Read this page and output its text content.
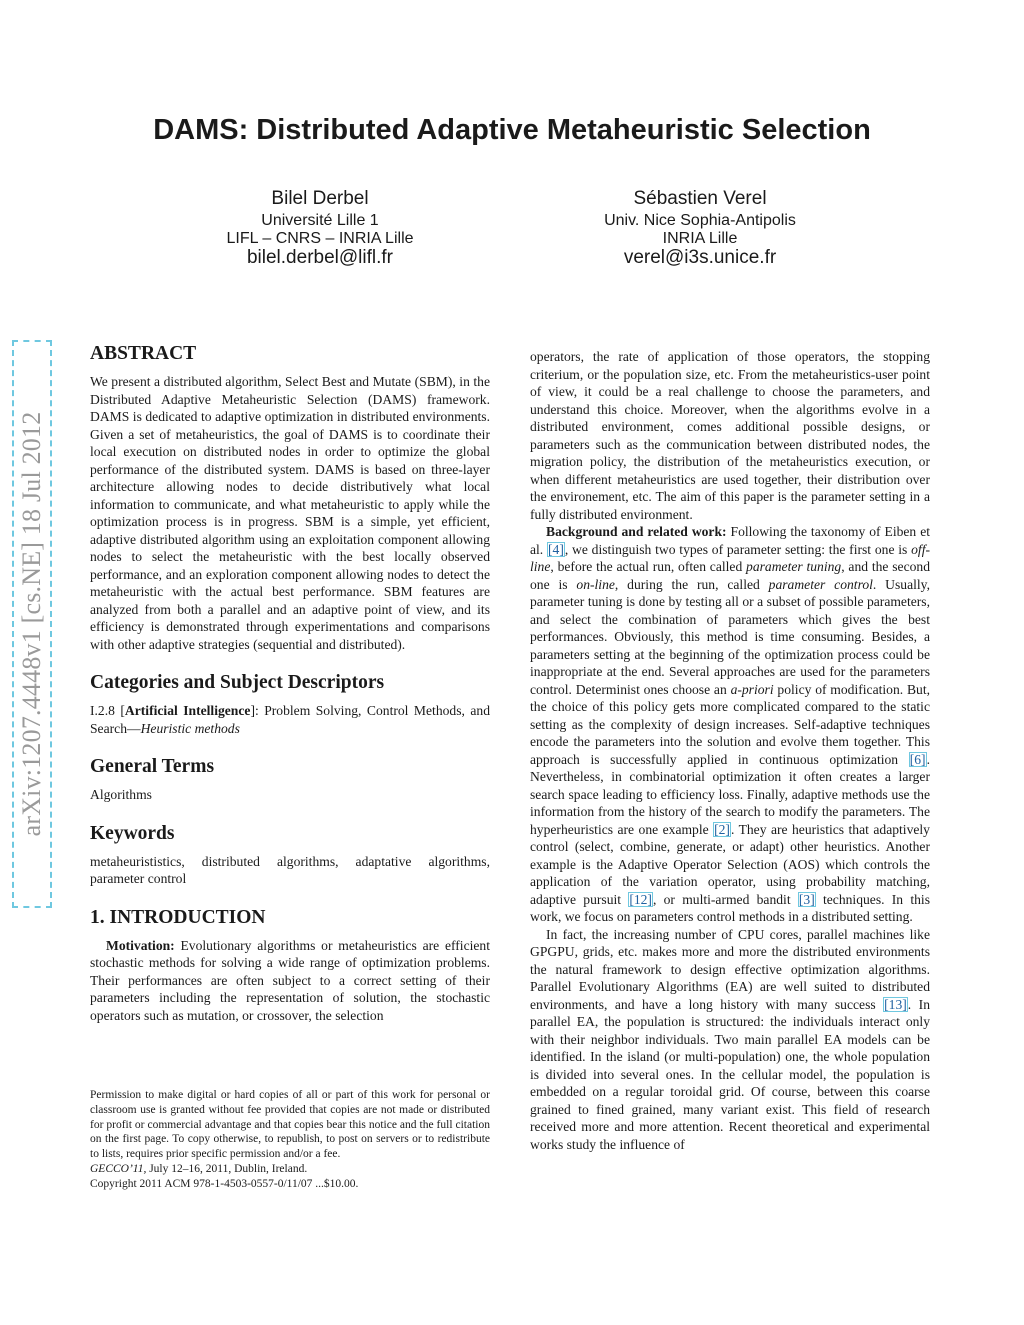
arXiv:1207.4448v1 [cs.NE] 18 Jul 2012
DAMS: Distributed Adaptive Metaheuristic Selection
Bilel Derbel
Université Lille 1
LIFL – CNRS – INRIA Lille
bilel.derbel@lifl.fr
Sébastien Verel
Univ. Nice Sophia-Antipolis
INRIA Lille
verel@i3s.unice.fr
ABSTRACT

We present a distributed algorithm, Select Best and Mutate (SBM), in the Distributed Adaptive Metaheuristic Selection (DAMS) framework. DAMS is dedicated to adaptive optimization in distributed environments. Given a set of metaheuristics, the goal of DAMS is to coordinate their local execution on distributed nodes in order to optimize the global performance of the distributed system. DAMS is based on three-layer architecture allowing nodes to decide distributively what local information to communicate, and what metaheuristic to apply while the optimization process is in progress. SBM is a simple, yet efficient, adaptive distributed algorithm using an exploitation component allowing nodes to select the metaheuristic with the best locally observed performance, and an exploration component allowing nodes to detect the metaheuristic with the actual best performance. SBM features are analyzed from both a parallel and an adaptive point of view, and its efficiency is demonstrated through experimentations and comparisons with other adaptive strategies (sequential and distributed).

Categories and Subject Descriptors

I.2.8 [Artificial Intelligence]: Problem Solving, Control Methods, and Search—Heuristic methods

General Terms

Algorithms

Keywords

metaheurististics, distributed algorithms, adaptative algorithms, parameter control

1. INTRODUCTION

Motivation: Evolutionary algorithms or metaheuristics are efficient stochastic methods for solving a wide range of optimization problems. Their performances are often subject to a correct setting of their parameters including the representation of solution, the stochastic operators such as mutation, or crossover, the selection

Permission to make digital or hard copies of all or part of this work for personal or classroom use is granted without fee provided that copies are not made or distributed for profit or commercial advantage and that copies bear this notice and the full citation on the first page. To copy otherwise, to republish, to post on servers or to redistribute to lists, requires prior specific permission and/or a fee.

GECCO’11, July 12–16, 2011, Dublin, Ireland.

Copyright 2011 ACM 978-1-4503-0557-0/11/07 ...$10.00.

operators, the rate of application of those operators, the stopping criterium, or the population size, etc. From the metaheuristics-user point of view, it could be a real challenge to choose the parameters, and understand this choice. Moreover, when the algorithms evolve in a distributed environment, comes additional possible designs, or parameters such as the communication between distributed nodes, the migration policy, the distribution of the metaheuristics execution, or when different metaheuristics are used together, their distribution over the environement, etc. The aim of this paper is the parameter setting in a fully distributed environment.

Background and related work: Following the taxonomy of Eiben et al. [4], we distinguish two types of parameter setting: the first one is off-line, before the actual run, often called parameter tuning, and the second one is on-line, during the run, called parameter control. Usually, parameter tuning is done by testing all or a subset of possible parameters, and select the combination of parameters which gives the best performances. Obviously, this method is time consuming. Besides, a parameters setting at the beginning of the optimization process could be inappropriate at the end. Several approaches are used for the parameters control. Determinist ones choose an a-priori policy of modification. But, the choice of this policy gets more complicated compared to the static setting as the complexity of design increases. Self-adaptive techniques encode the parameters into the solution and evolve them together. This approach is successfully applied in continuous optimization [6]. Nevertheless, in combinatorial optimization it often creates a larger search space leading to efficiency loss. Finally, adaptive methods use the information from the history of the search to modify the parameters. The hyperheuristics are one example [2]. They are heuristics that adaptively control (select, combine, generate, or adapt) other heuristics. Another example is the Adaptive Operator Selection (AOS) which controls the application of the variation operator, using probability matching, adaptive pursuit [12], or multi-armed bandit [3] techniques. In this work, we focus on parameters control methods in a distributed setting.

In fact, the increasing number of CPU cores, parallel machines like GPGPU, grids, etc. makes more and more the distributed environments the natural framework to design effective optimization algorithms. Parallel Evolutionary Algorithms (EA) are well suited to distributed environments, and have a long history with many success [13]. In parallel EA, the population is structured: the individuals interact only with their neighbor individuals. Two main parallel EA models can be identified. In the island (or multi-population) one, the whole population is divided into several ones. In the cellular model, the population is embedded on a regular toroidal grid. Of course, between this coarse grained to fined grained, many variant exist. This field of research received more and more attention. Recent theoretical and experimental works study the influence of
